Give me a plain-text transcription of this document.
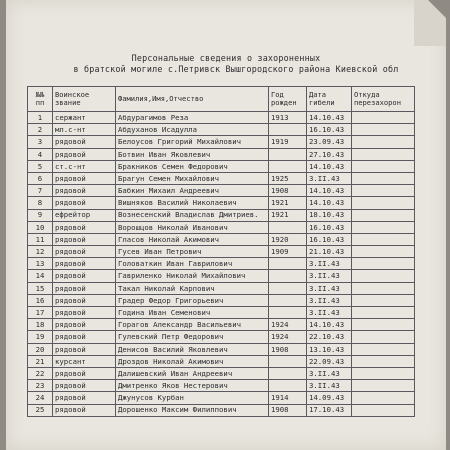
Персональные сведения о захороненных
в братской могиле с.Петривск Вышгородского района Киевской обл
№№ пп	Воинское звание	Фамилия,Имя,Отчество	Год рожден	Дата гибели	Откуда перезахорон
1	сержант	Абдурагимов Реза	1913	14.10.43	
2	мл.с-нт	Абдуханов Исадулла		16.10.43	
3	рядовой	Белоусов Григорий Михайлович	1919	23.09.43	
4	рядовой	Ботвин Иван Яковлевич		27.10.43	
5	ст.с-нт	Бракников Семен Федорович		14.10.43	
6	рядовой	Брагун Семен Михайлович	1925	3.II.43	
7	рядовой	Бабкин Михаил Андреевич	1908	14.10.43	
8	рядовой	Вишняков Василий Николаевич	1921	14.10.43	
9	ефрейтор	Вознесенский Владислав Дмитриев.	1921	18.10.43	
10	рядовой	Ворошцов Николай Иванович		16.10.43	
11	рядовой	Гласов Николай Акимович	1920	16.10.43	
12	рядовой	Гусев Иван Петрович	1909	21.10.43	
13	рядовой	Головаткин Иван Гаврилович		3.II.43	
14	рядовой	Гавриленко Николай Михайлович		3.II.43	
15	рядовой	Такал Николай Карпович		3.II.43	
16	рядовой	Градер Федор Григорьевич		3.II.43	
17	рядовой	Година Иван Семенович		3.II.43	
18	рядовой	Горагов Александр Васильевич	1924	14.10.43	
19	рядовой	Гулевский Петр Федорович	1924	22.10.43	
20	рядовой	Денисов Василий Яковлевич	1908	13.10.43	
21	курсант	Дроздов Николай Акимович		22.09.43	
22	рядовой	Далишевский Иван Андреевич		3.II.43	
23	рядовой	Дмитренко Яков Нестерович		3.II.43	
24	рядовой	Джунусов Курбан	1914	14.09.43	
25	рядовой	Дорошенко Максим Филиппович	1908	17.10.43	
